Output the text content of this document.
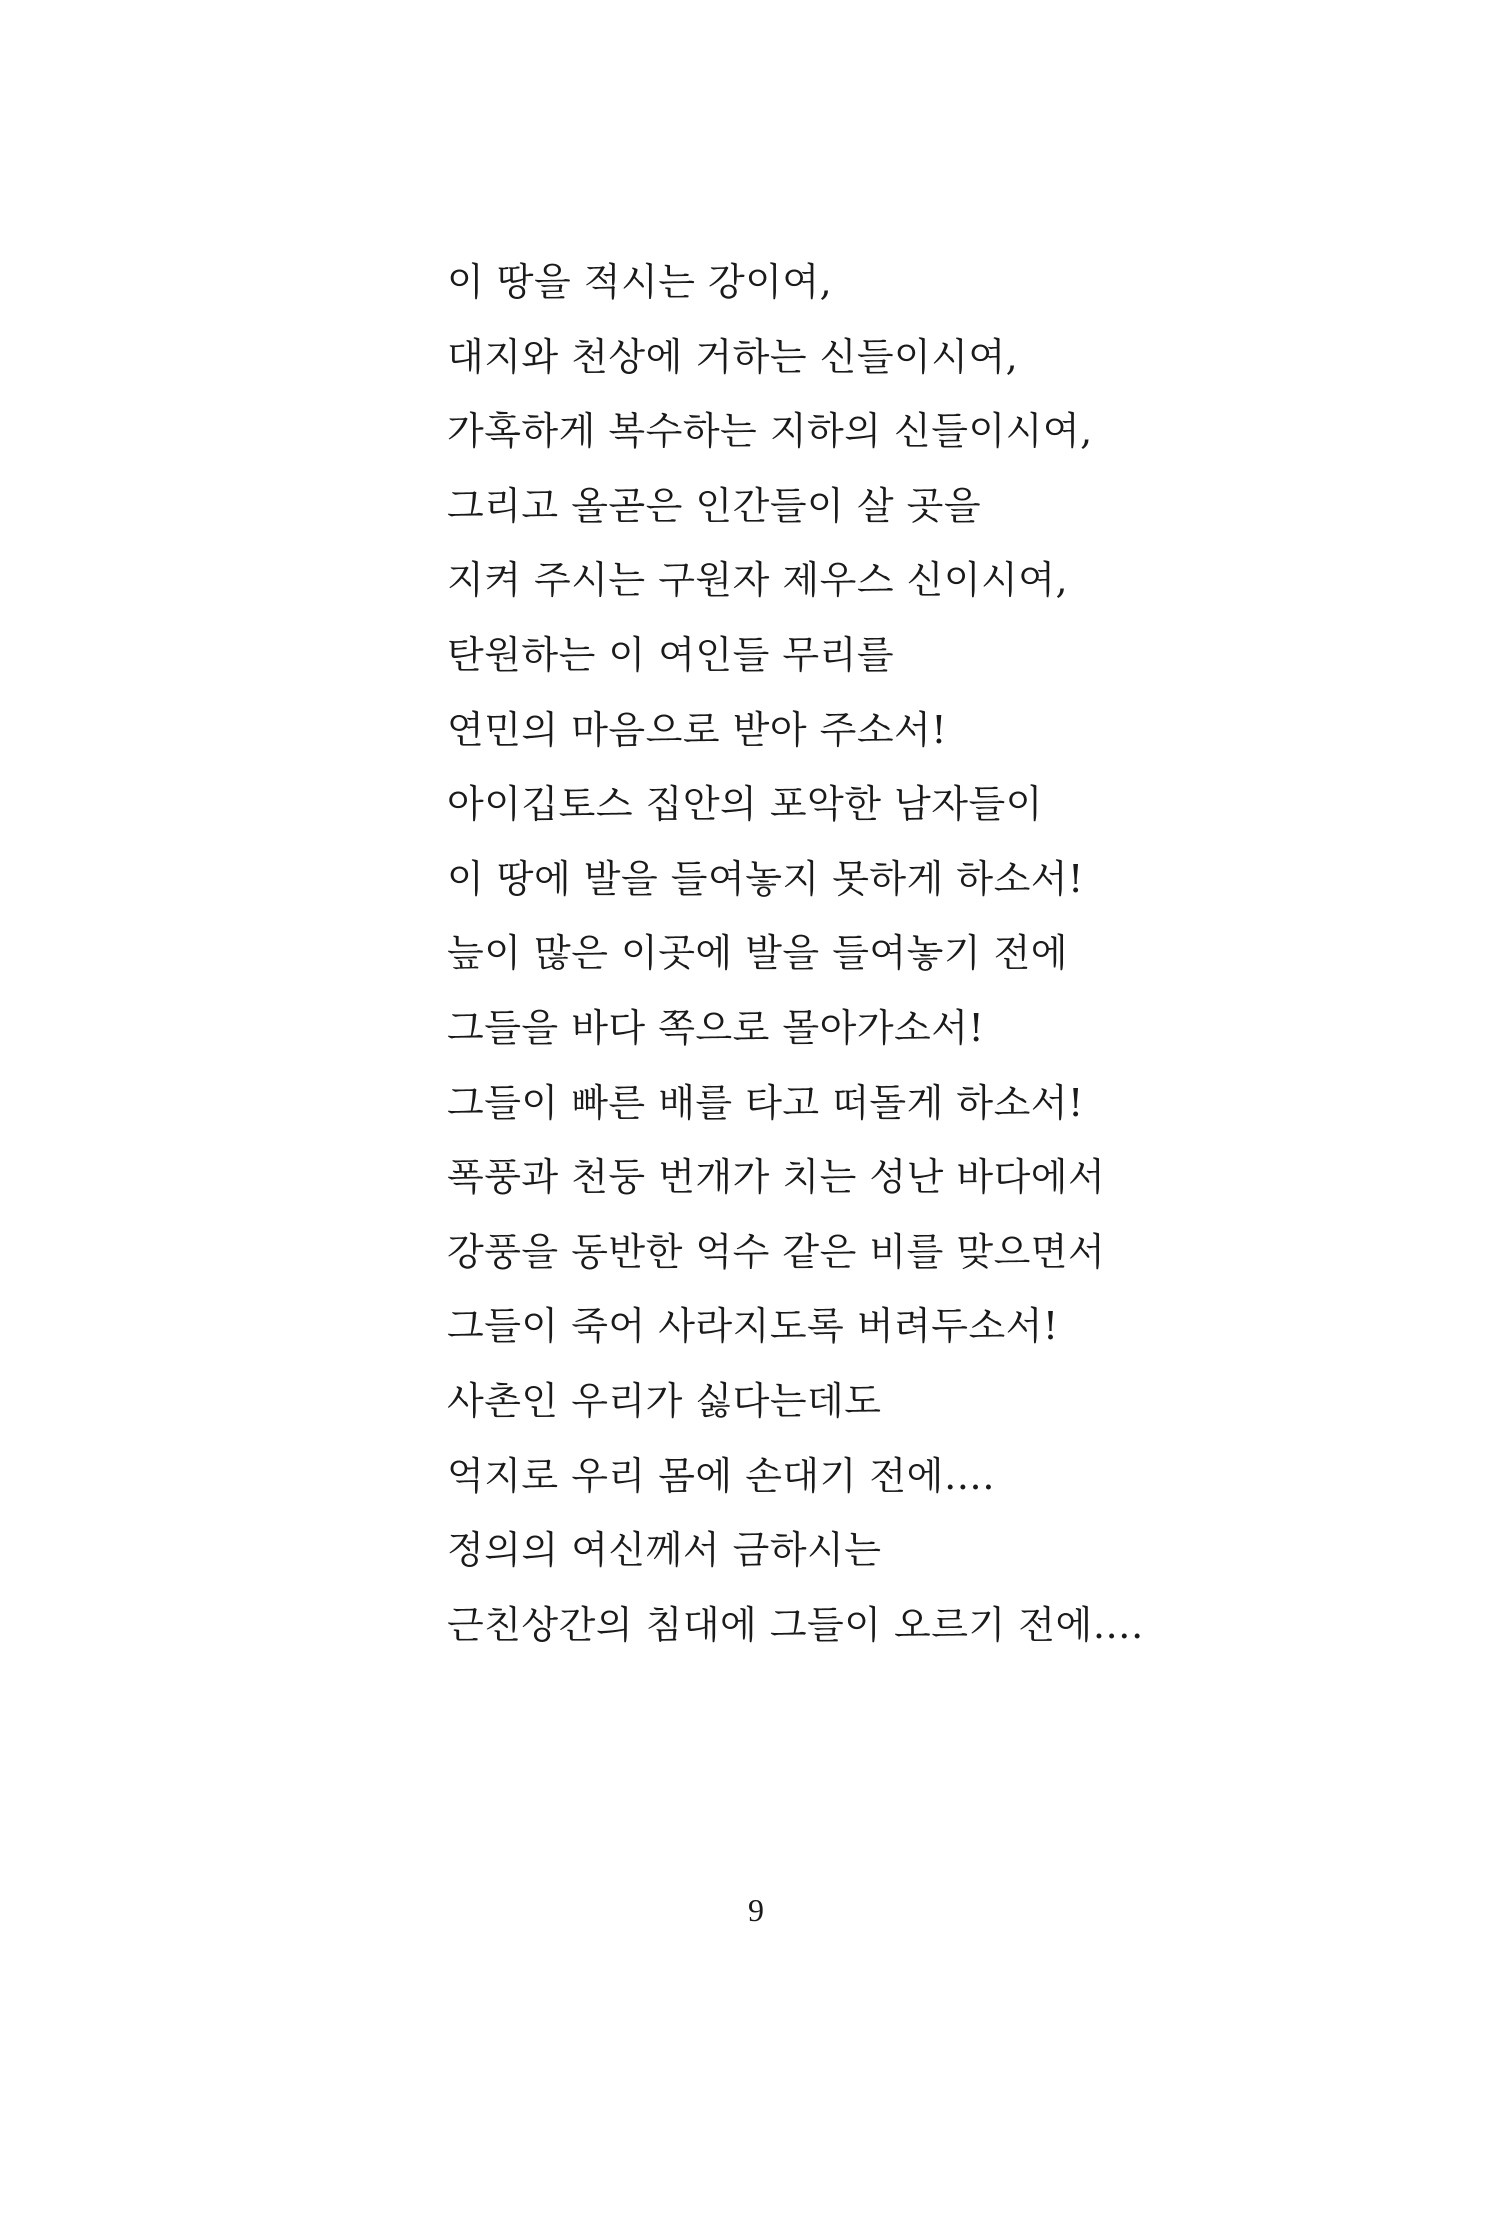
이 땅을 적시는 강이여,
대지와 천상에 거하는 신들이시여,
가혹하게 복수하는 지하의 신들이시여,
그리고 올곧은 인간들이 살 곳을
지켜 주시는 구원자 제우스 신이시여,
탄원하는 이 여인들 무리를
연민의 마음으로 받아 주소서!
아이깁토스 집안의 포악한 남자들이
이 땅에 발을 들여놓지 못하게 하소서!
늪이 많은 이곳에 발을 들여놓기 전에
그들을 바다 쪽으로 몰아가소서!
그들이 빠른 배를 타고 떠돌게 하소서!
폭풍과 천둥 번개가 치는 성난 바다에서
강풍을 동반한 억수 같은 비를 맞으면서
그들이 죽어 사라지도록 버려두소서!
사촌인 우리가 싫다는데도
억지로 우리 몸에 손대기 전에….
정의의 여신께서 금하시는
근친상간의 침대에 그들이 오르기 전에….
9
